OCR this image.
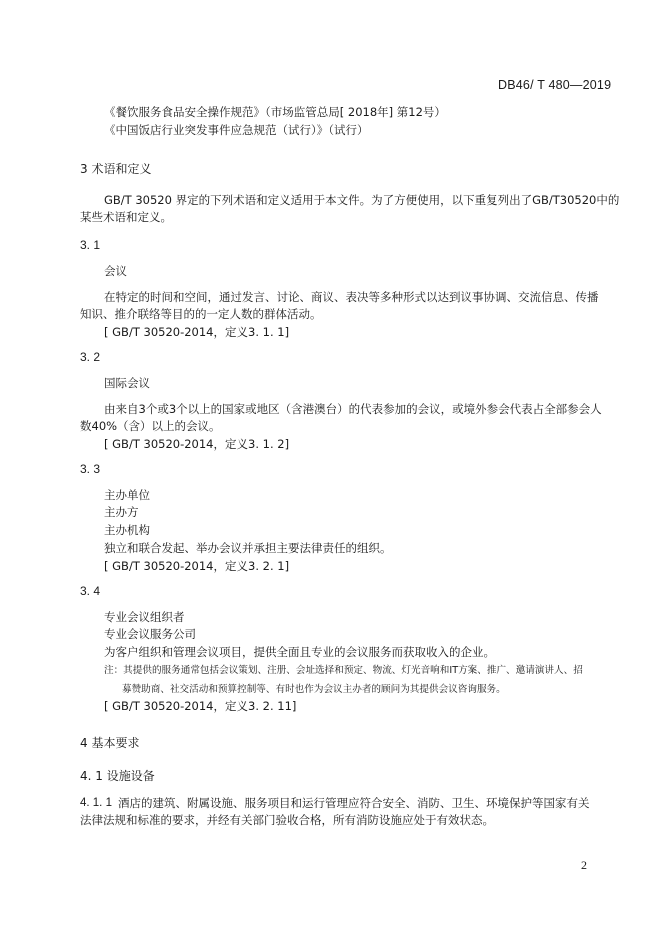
DB46/ T 480—2019
《餐饮服务食品安全操作规范》（市场监管总局[ 2018年] 第12号）
《中国饭店行业突发事件应急规范（试行）》（试行）
3 术语和定义
GB/T 30520 界定的下列术语和定义适用于本文件。为了方便使用，以下重复列出了GB/T30520中的
某些术语和定义。
3. 1
会议
在特定的时间和空间，通过发言、讨论、商议、表决等多种形式以达到议事协调、交流信息、传播
知识、推介联络等目的的一定人数的群体活动。
[ GB/T 30520-2014，定义3. 1. 1]
3. 2
国际会议
由来自3个或3个以上的国家或地区（含港澳台）的代表参加的会议，或境外参会代表占全部参会人
数40%（含）以上的会议。
[ GB/T 30520-2014，定义3. 1. 2]
3. 3
主办单位
主办方
主办机构
独立和联合发起、举办会议并承担主要法律责任的组织。
[ GB/T 30520-2014，定义3. 2. 1]
3. 4
专业会议组织者
专业会议服务公司
为客户组织和管理会议项目，提供全面且专业的会议服务而获取收入的企业。
注：其提供的服务通常包括会议策划、注册、会址选择和预定、物流、灯光音响和IT方案、推广、邀请演讲人、招
募赞助商、社交活动和预算控制等、有时也作为会议主办者的顾问为其提供会议咨询服务。
[ GB/T 30520-2014，定义3. 2. 11]
4 基本要求
4. 1 设施设备
4. 1. 1 酒店的建筑、附属设施、服务项目和运行管理应符合安全、消防、卫生、环境保护等国家有关
法律法规和标准的要求，并经有关部门验收合格，所有消防设施应处于有效状态。
2
